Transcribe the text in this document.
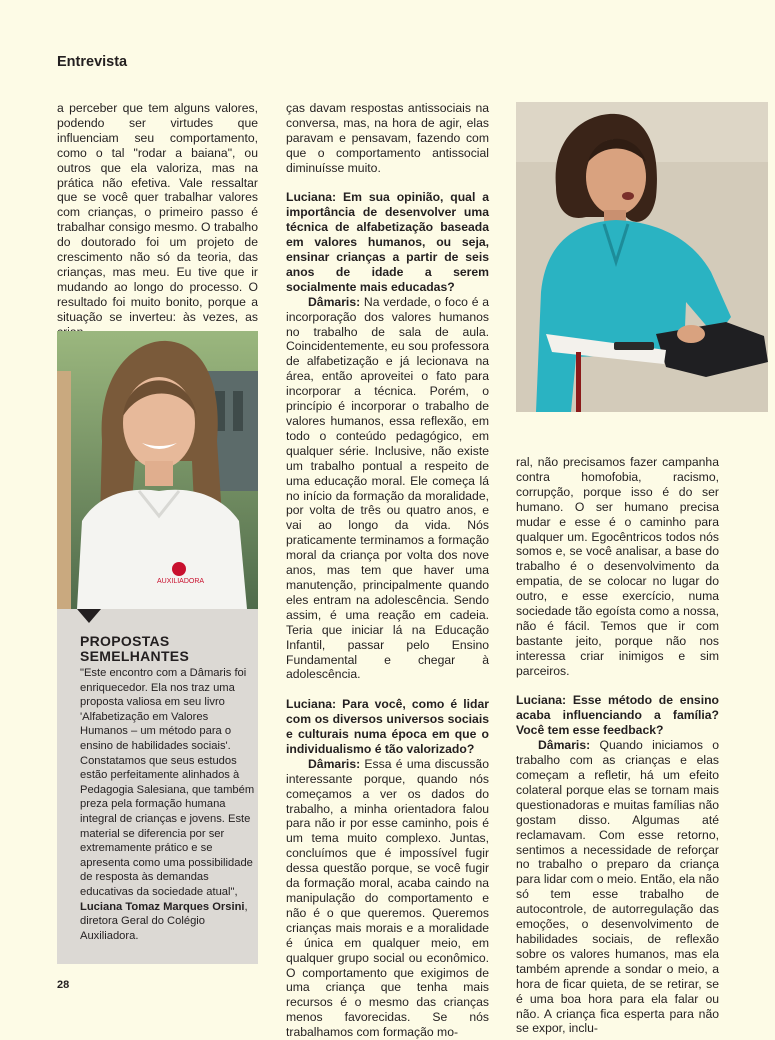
Entrevista

a perceber que tem alguns valores, podendo ser virtudes que influenciam seu comportamento, como o tal "rodar a baiana", ou outros que ela valoriza, mas na prática não efetiva. Vale ressaltar que se você quer trabalhar valores com crianças, o primeiro passo é trabalhar consigo mesmo. O trabalho do doutorado foi um projeto de crescimento não só da teoria, das crianças, mas meu. Eu tive que ir mudando ao longo do processo. O resultado foi muito bonito, porque a situação se inverteu: às vezes, as

AUXILIADORA
PROPOSTAS
SEMELHANTES

"Este encontro com a Dâmaris foi enriquecedor. Ela nos traz uma proposta valiosa em seu livro 'Alfabetização em Valores Humanos – um método para o ensino de habilidades sociais'. Constatamos que seus estudos estão perfeitamente alinhados à Pedagogia Salesiana, que também preza pela formação humana integral de crianças e jovens. Este material se diferencia por ser extremamente prático e se apresenta como uma possibilidade de resposta às demandas educativas da sociedade atual", Luciana Tomaz Marques Orsini, diretora Geral do Colégio Auxiliadora.

ças davam respostas antissociais na conversa, mas, na hora de agir, elas paravam e pensavam, fazendo com que o comportamento antissocial diminuísse muito.

Luciana: Em sua opinião, qual a importância de desenvolver uma técnica de alfabetização baseada em valores humanos, ou seja, ensinar crianças a partir de seis anos de idade a serem socialmente mais educadas?

Dâmaris: Na verdade, o foco é a incorporação dos valores humanos no trabalho de sala de aula. Coincidentemente, eu sou professora de alfabetização e já lecionava na área, então aproveitei o fato para incorporar a técnica. Porém, o princípio é incorporar o trabalho de valores humanos, essa reflexão, em todo o conteúdo pedagógico, em qualquer série. Inclusive, não existe um trabalho pontual a respeito de uma educação moral. Ele começa lá no início da formação da moralidade, por volta de três ou quatro anos, e vai ao longo da vida. Nós praticamente terminamos a formação moral da criança por volta dos nove anos, mas tem que haver uma manutenção, principalmente quando eles entram na adolescência. Sendo assim, é uma reação em cadeia. Teria que iniciar lá na Educação Infantil, passar pelo Ensino Fundamental e chegar à adolescência.

Luciana: Para você, como é lidar com os diversos universos sociais e culturais numa época em que o individualismo é tão valorizado?

Dâmaris: Essa é uma discussão interessante porque, quando nós começamos a ver os dados do trabalho, a minha orientadora falou para não ir por esse caminho, pois é um tema muito complexo. Juntas, concluímos que é impossível fugir dessa questão porque, se você fugir da formação moral, acaba caindo na manipulação do comportamento e não é o que queremos. Queremos crianças mais morais e a moralidade é única em qualquer meio, em qualquer grupo social ou econômico. O comportamento que exigimos de uma criança que tenha mais recursos é o mesmo das crianças menos favorecidas. Se nós trabalhamos com formação mo-

ral, não precisamos fazer campanha contra homofobia, racismo, corrupção, porque isso é do ser humano. O ser humano precisa mudar e esse é o caminho para qualquer um. Egocêntricos todos nós somos e, se você analisar, a base do trabalho é o desenvolvimento da empatia, de se colocar no lugar do outro, e esse exercício, numa sociedade tão egoísta como a nossa, não é fácil. Temos que ir com bastante jeito, porque não nos interessa criar inimigos e sim parceiros.

Luciana: Esse método de ensino acaba influenciando a família? Você tem esse feedback?

Dâmaris: Quando iniciamos o trabalho com as crianças e elas começam a refletir, há um efeito colateral porque elas se tornam mais questionadoras e muitas famílias não gostam disso. Algumas até reclamavam. Com esse retorno, sentimos a necessidade de reforçar no trabalho o preparo da criança para lidar com o meio. Então, ela não só tem esse trabalho de autocontrole, de autorregulação das emoções, o desenvolvimento de habilidades sociais, de reflexão sobre os valores humanos, mas ela também aprende a sondar o meio, a hora de ficar quieta, de se retirar, se é uma boa hora para ela falar ou não. A criança fica esperta para não se expor, inclu-

28
